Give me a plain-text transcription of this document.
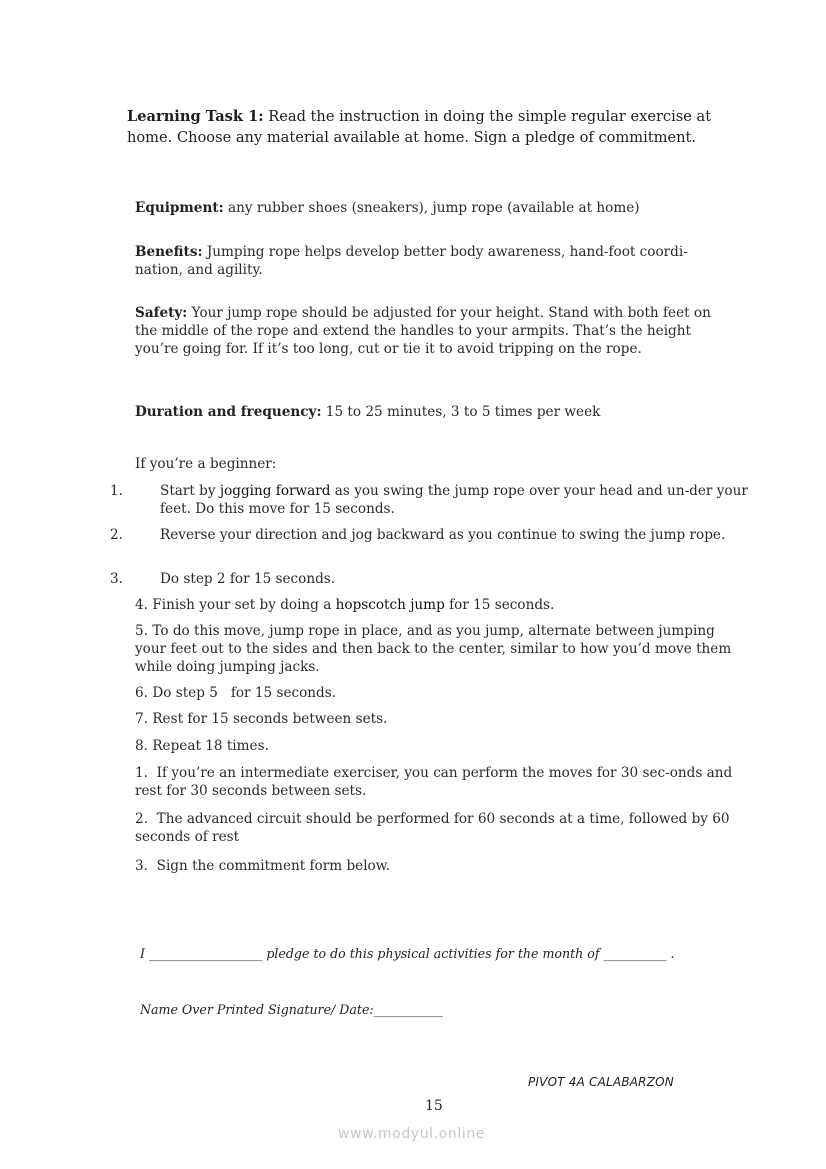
Learning Task 1: Read the instruction in doing the simple regular exercise at home. Choose any material available at home. Sign a pledge of commitment.
Equipment: any rubber shoes (sneakers), jump rope (available at home)
Benefits: Jumping rope helps develop better body awareness, hand-foot coordi-nation, and agility.
Safety: Your jump rope should be adjusted for your height. Stand with both feet on the middle of the rope and extend the handles to your armpits. That’s the height you’re going for. If it’s too long, cut or tie it to avoid tripping on the rope.
Duration and frequency: 15 to 25 minutes, 3 to 5 times per week
If you’re a beginner:
1.	Start by jogging forward as you swing the jump rope over your head and un-der your feet. Do this move for 15 seconds.
2.	Reverse your direction and jog backward as you continue to swing the jump rope.
3.	Do step 2 for 15 seconds.
4. Finish your set by doing a hopscotch jump for 15 seconds.
5. To do this move, jump rope in place, and as you jump, alternate between jumping your feet out to the sides and then back to the center, similar to how you’d move them while doing jumping jacks.
6. Do step 5   for 15 seconds.
7. Rest for 15 seconds between sets.
8. Repeat 18 times.
1. If you’re an intermediate exerciser, you can perform the moves for 30 sec-onds and rest for 30 seconds between sets.
2. The advanced circuit should be performed for 60 seconds at a time, followed by 60 seconds of rest
3. Sign the commitment form below.
I __________________ pledge to do this physical activities for the month of __________ .
Name Over Printed Signature/ Date:___________
PIVOT 4A CALABARZON
15
www.modyul.online
